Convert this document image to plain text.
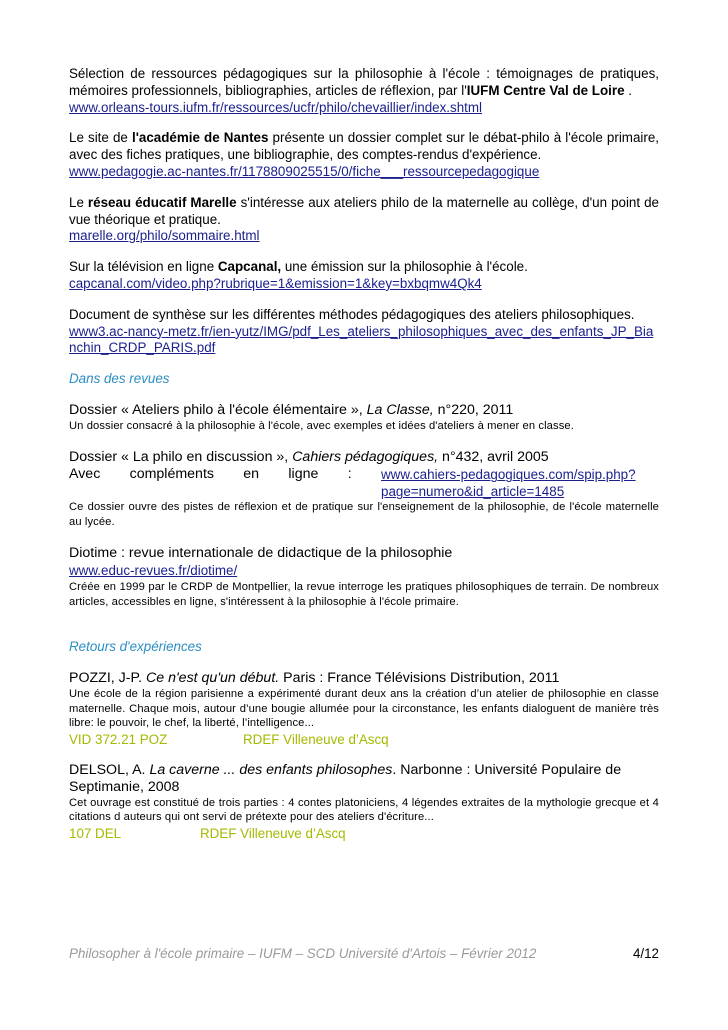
Sélection de ressources pédagogiques sur la philosophie à l'école : témoignages de pratiques, mémoires professionnels, bibliographies, articles de réflexion, par l'IUFM Centre Val de Loire .
www.orleans-tours.iufm.fr/ressources/ucfr/philo/chevaillier/index.shtml

Le site de l'académie de Nantes présente un dossier complet sur le débat-philo à l'école primaire, avec des fiches pratiques, une bibliographie, des comptes-rendus d'expérience.
www.pedagogie.ac-nantes.fr/1178809025515/0/fiche___ressourcepedagogique

Le réseau éducatif Marelle s'intéresse aux ateliers philo de la maternelle au collège, d'un point de vue théorique et pratique.
marelle.org/philo/sommaire.html

Sur la télévision en ligne Capcanal, une émission sur la philosophie à l'école.
capcanal.com/video.php?rubrique=1&emission=1&key=bxbqmw4Qk4

Document de synthèse sur les différentes méthodes pédagogiques des ateliers philosophiques.
www3.ac-nancy-metz.fr/ien-yutz/IMG/pdf_Les_ateliers_philosophiques_avec_des_enfants_JP_Bianchin_CRDP_PARIS.pdf

Dans des revues

Dossier « Ateliers philo à l'école élémentaire », La Classe, n°220, 2011

Un dossier consacré à la philosophie à l'école, avec exemples et idées d'ateliers à mener en classe.

Dossier « La philo en discussion », Cahiers pédagogiques, n°432, avril 2005

Avec compléments en ligne : www.cahiers-pedagogiques.com/spip.php?page=numero&id_article=1485

Ce dossier ouvre des pistes de réflexion et de pratique sur l'enseignement de la philosophie, de l'école maternelle au lycée.

Diotime : revue internationale de didactique de la philosophie

www.educ-revues.fr/diotime/

Créée en 1999 par le CRDP de Montpellier, la revue interroge les pratiques philosophiques de terrain. De nombreux articles, accessibles en ligne, s'intéressent à la philosophie à l'école primaire.

Retours d'expériences

POZZI, J-P. Ce n'est qu'un début. Paris : France Télévisions Distribution, 2011

Une école de la région parisienne a expérimenté durant deux ans la création d’un atelier de philosophie en classe maternelle. Chaque mois, autour d’une bougie allumée pour la circonstance, les enfants dialoguent de manière très libre: le pouvoir, le chef, la liberté, l’intelligence...

VID 372.21 POZ	RDEF Villeneuve d’Ascq

DELSOL, A. La caverne ... des enfants philosophes. Narbonne : Université Populaire de Septimanie, 2008

Cet ouvrage est constitué de trois parties : 4 contes platoniciens, 4 légendes extraites de la mythologie grecque et 4 citations d auteurs qui ont servi de prétexte pour des ateliers d'écriture...

107 DEL	RDEF Villeneuve d’Ascq

Philosopher à l'école primaire – IUFM – SCD Université d'Artois – Février 2012	4/12
